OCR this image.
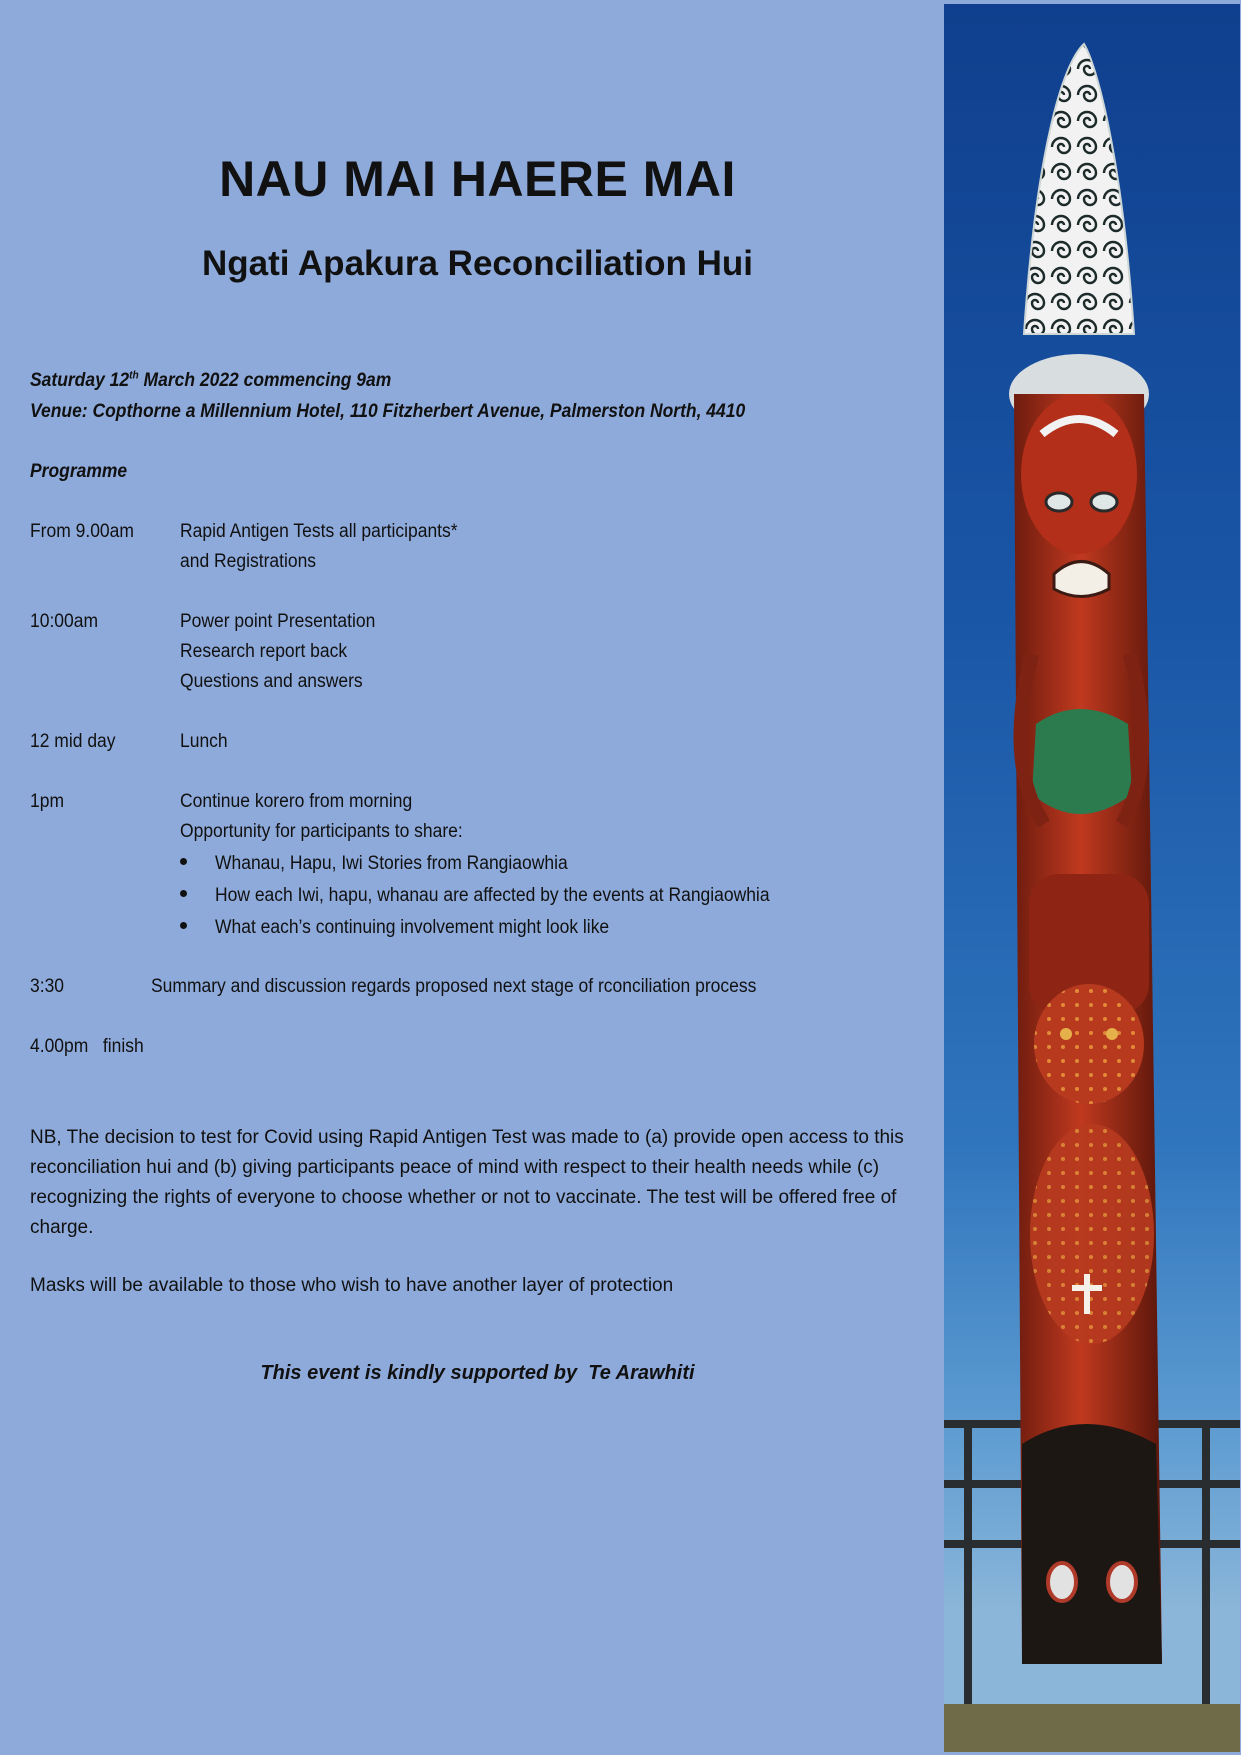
NAU MAI HAERE MAI
Ngati Apakura Reconciliation Hui
Saturday 12th March 2022 commencing 9am
Venue: Copthorne a Millennium Hotel, 110 Fitzherbert Avenue, Palmerston North, 4410
Programme
From 9.00am Rapid Antigen Tests all participants*
and Registrations
10:00am	Power point Presentation
Research report back
Questions and answers
12 mid day	Lunch
1pm	Continue korero from morning
Opportunity for participants to share:
Whanau, Hapu, Iwi Stories from Rangiaowhia
How each Iwi, hapu, whanau are affected by the events at Rangiaowhia
What each’s continuing involvement might look like
3:30	Summary and discussion regards proposed next stage of rconciliation process
4.00pm   finish

NB, The decision to test for Covid using Rapid Antigen Test was made to (a) provide open access to this reconciliation hui and (b) giving participants peace of mind with respect to their health needs while (c) recognizing the rights of everyone to choose whether or not to vaccinate. The test will be offered free of charge.

Masks will be available to those who wish to have another layer of protection

This event is kindly supported by  Te Arawhiti
